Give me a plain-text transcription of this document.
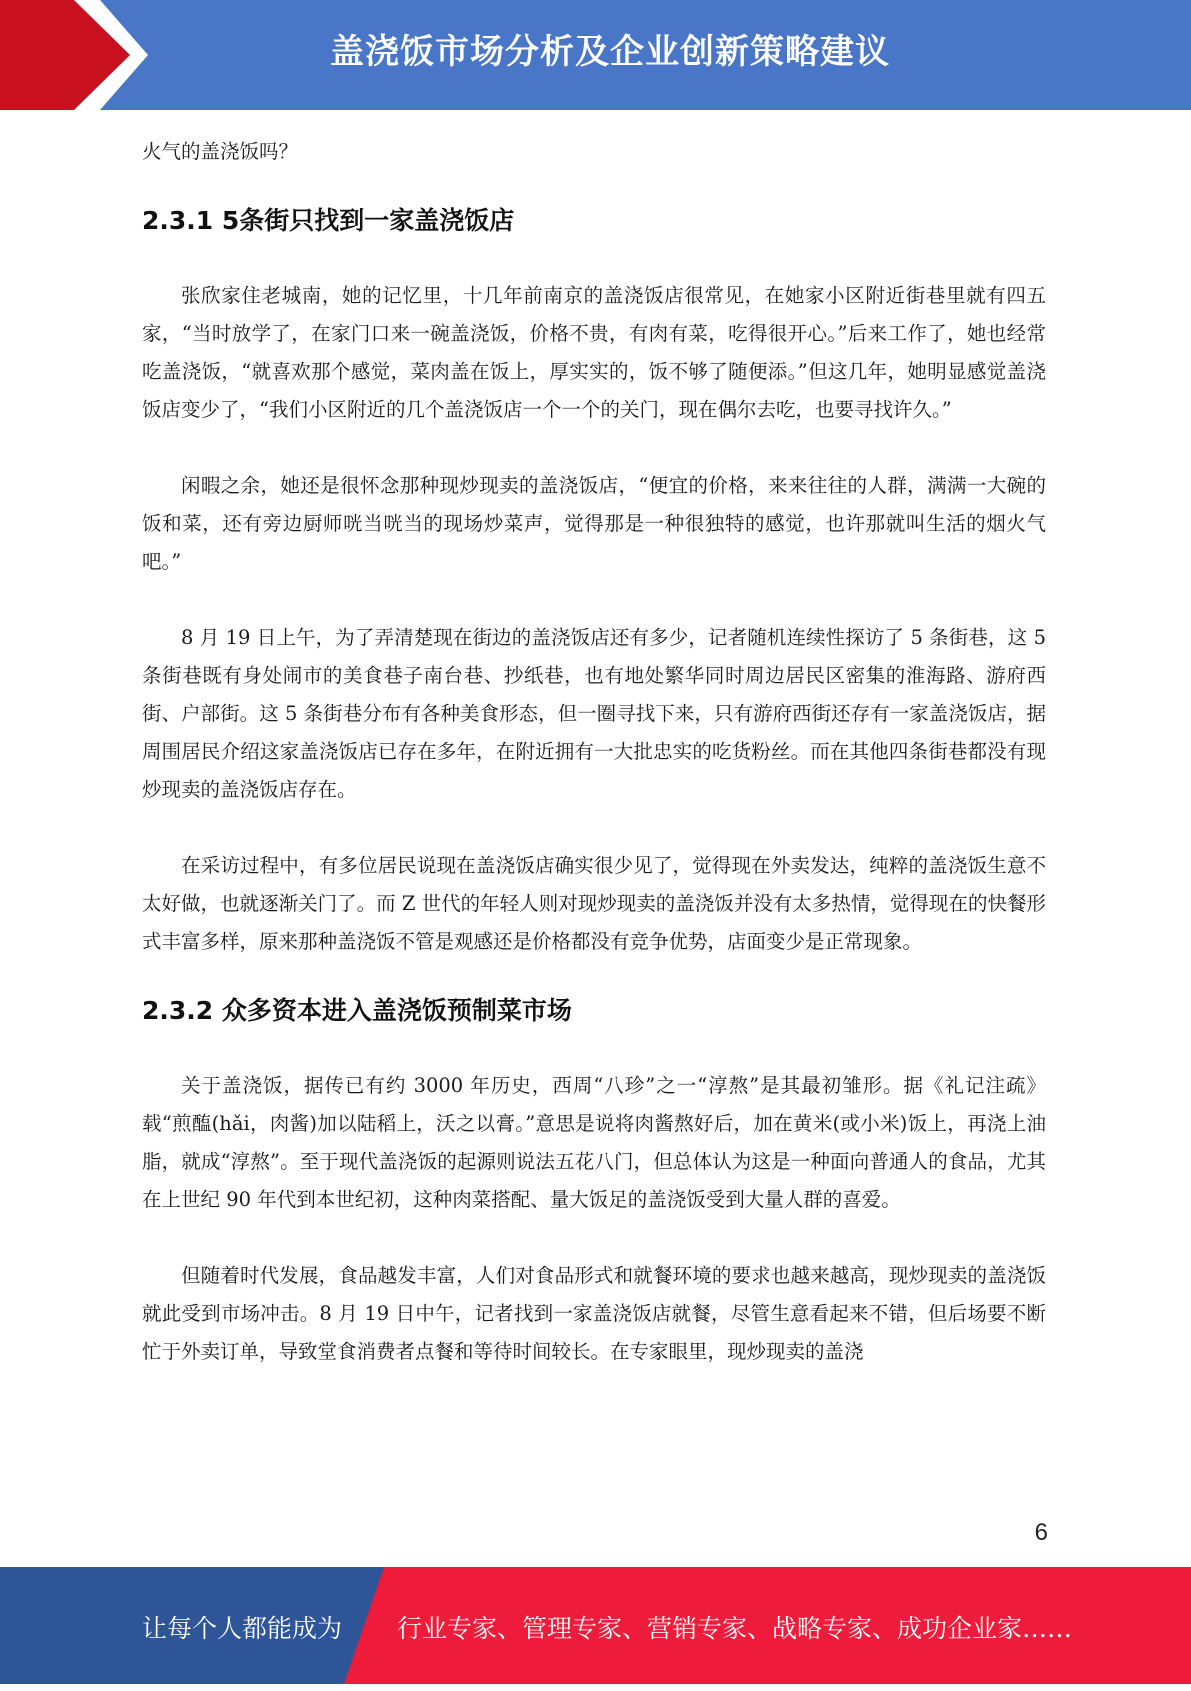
盖浇饭市场分析及企业创新策略建议

火气的盖浇饭吗？

2.3.1 5条街只找到一家盖浇饭店

张欣家住老城南，她的记忆里，十几年前南京的盖浇饭店很常见，在她家小区附近街巷里就有四五家，“当时放学了，在家门口来一碗盖浇饭，价格不贵，有肉有菜，吃得很开心。”后来工作了，她也经常吃盖浇饭，“就喜欢那个感觉，菜肉盖在饭上，厚实实的，饭不够了随便添。”但这几年，她明显感觉盖浇饭店变少了，“我们小区附近的几个盖浇饭店一个一个的关门，现在偶尔去吃，也要寻找许久。”

闲暇之余，她还是很怀念那种现炒现卖的盖浇饭店，“便宜的价格，来来往往的人群，满满一大碗的饭和菜，还有旁边厨师咣当咣当的现场炒菜声，觉得那是一种很独特的感觉，也许那就叫生活的烟火气吧。”

8 月 19 日上午，为了弄清楚现在街边的盖浇饭店还有多少，记者随机连续性探访了 5 条街巷，这 5 条街巷既有身处闹市的美食巷子南台巷、抄纸巷，也有地处繁华同时周边居民区密集的淮海路、游府西街、户部街。这 5 条街巷分布有各种美食形态，但一圈寻找下来，只有游府西街还存有一家盖浇饭店，据周围居民介绍这家盖浇饭店已存在多年，在附近拥有一大批忠实的吃货粉丝。而在其他四条街巷都没有现炒现卖的盖浇饭店存在。

在采访过程中，有多位居民说现在盖浇饭店确实很少见了，觉得现在外卖发达，纯粹的盖浇饭生意不太好做，也就逐渐关门了。而 Z 世代的年轻人则对现炒现卖的盖浇饭并没有太多热情，觉得现在的快餐形式丰富多样，原来那种盖浇饭不管是观感还是价格都没有竞争优势，店面变少是正常现象。

2.3.2 众多资本进入盖浇饭预制菜市场

关于盖浇饭，据传已有约 3000 年历史，西周“八珍”之一“淳熬”是其最初雏形。据《礼记注疏》载“煎醢(hǎi，肉酱)加以陆稻上，沃之以膏。”意思是说将肉酱熬好后，加在黄米(或小米)饭上，再浇上油脂，就成“淳熬”。至于现代盖浇饭的起源则说法五花八门，但总体认为这是一种面向普通人的食品，尤其在上世纪 90 年代到本世纪初，这种肉菜搭配、量大饭足的盖浇饭受到大量人群的喜爱。

但随着时代发展，食品越发丰富，人们对食品形式和就餐环境的要求也越来越高，现炒现卖的盖浇饭就此受到市场冲击。8 月 19 日中午，记者找到一家盖浇饭店就餐，尽管生意看起来不错，但后场要不断忙于外卖订单，导致堂食消费者点餐和等待时间较长。在专家眼里，现炒现卖的盖浇

6
让每个人都能成为 行业专家、管理专家、营销专家、战略专家、成功企业家……
